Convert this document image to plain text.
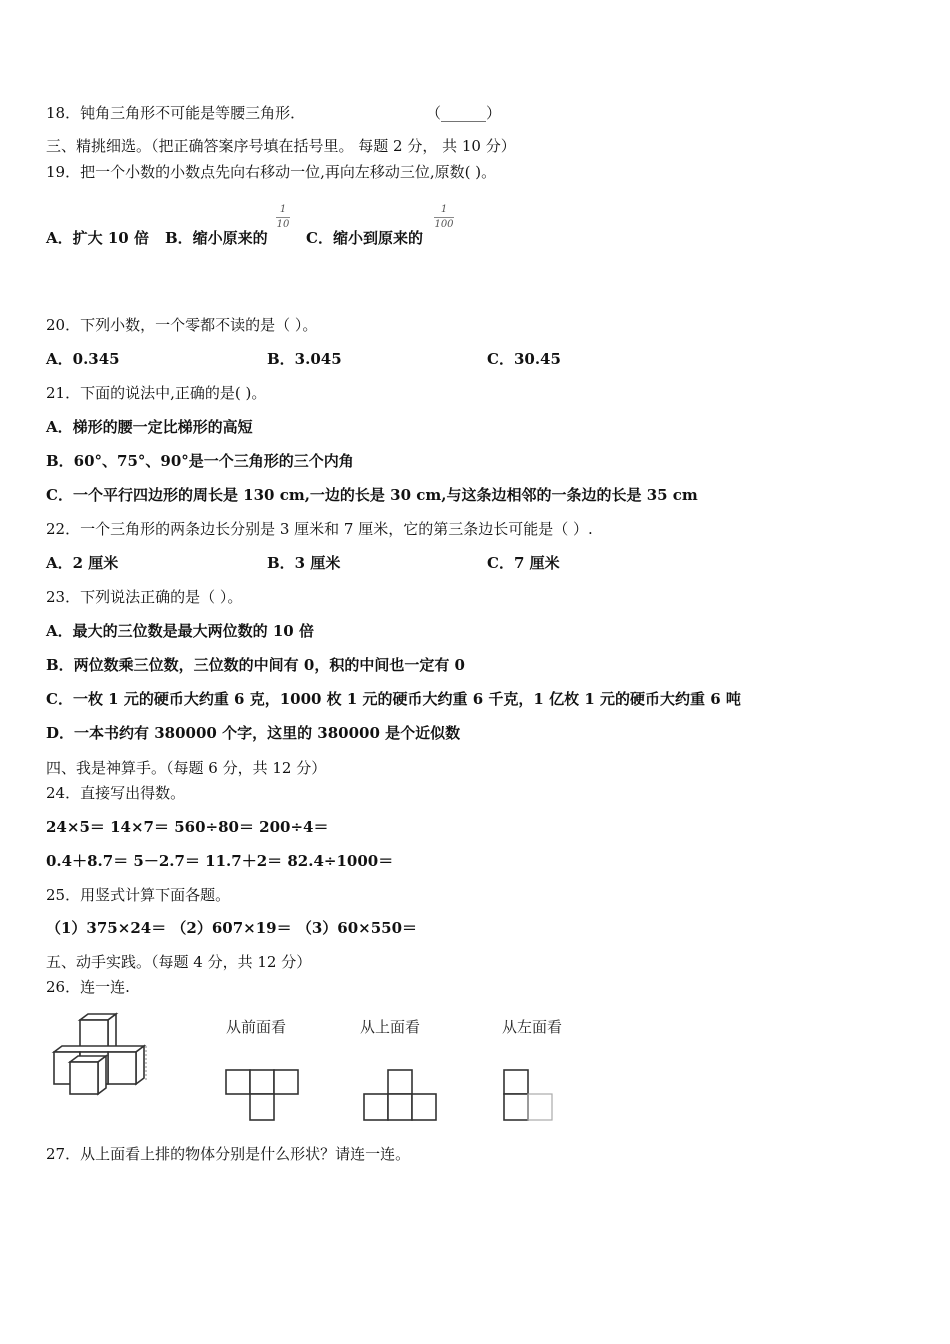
18．钝角三角形不可能是等腰三角形．	（______）
三、精挑细选。（把正确答案序号填在括号里。 每题 2 分， 共 10 分）
19．把一个小数的小数点先向右移动一位,再向左移动三位,原数( )。
A．扩大 10 倍 B．缩小原来的
1
10
C．缩小到原来的
1
100
20．下列小数，一个零都不读的是（ ）。
A．0.345	B．3.045	C．30.45
21．下面的说法中,正确的是( )。
A．梯形的腰一定比梯形的高短
B．60°、75°、90°是一个三角形的三个内角
C．一个平行四边形的周长是 130 cm,一边的长是 30 cm,与这条边相邻的一条边的长是 35 cm
22．一个三角形的两条边长分别是 3 厘米和 7 厘米，它的第三条边长可能是（ ）.
A．2 厘米	B．3 厘米	C．7 厘米
23．下列说法正确的是（ ）。
A．最大的三位数是最大两位数的 10 倍
B．两位数乘三位数，三位数的中间有 0，积的中间也一定有 0
C．一枚 1 元的硬币大约重 6 克，1000 枚 1 元的硬币大约重 6 千克，1 亿枚 1 元的硬币大约重 6 吨
D．一本书约有 380000 个字，这里的 380000 是个近似数
四、我是神算手。（每题 6 分，共 12 分）
24．直接写出得数。
24×5＝ 14×7＝ 560÷80＝ 200÷4＝
0.4＋8.7＝ 5－2.7＝ 11.7＋2＝ 82.4÷1000＝
25．用竖式计算下面各题。
（1）375×24＝ （2）607×19＝ （3）60×550＝
五、动手实践。（每题 4 分，共 12 分）
26．连一连.
从前面看	从上面看	从左面看
27．从上面看上排的物体分别是什么形状？请连一连。
